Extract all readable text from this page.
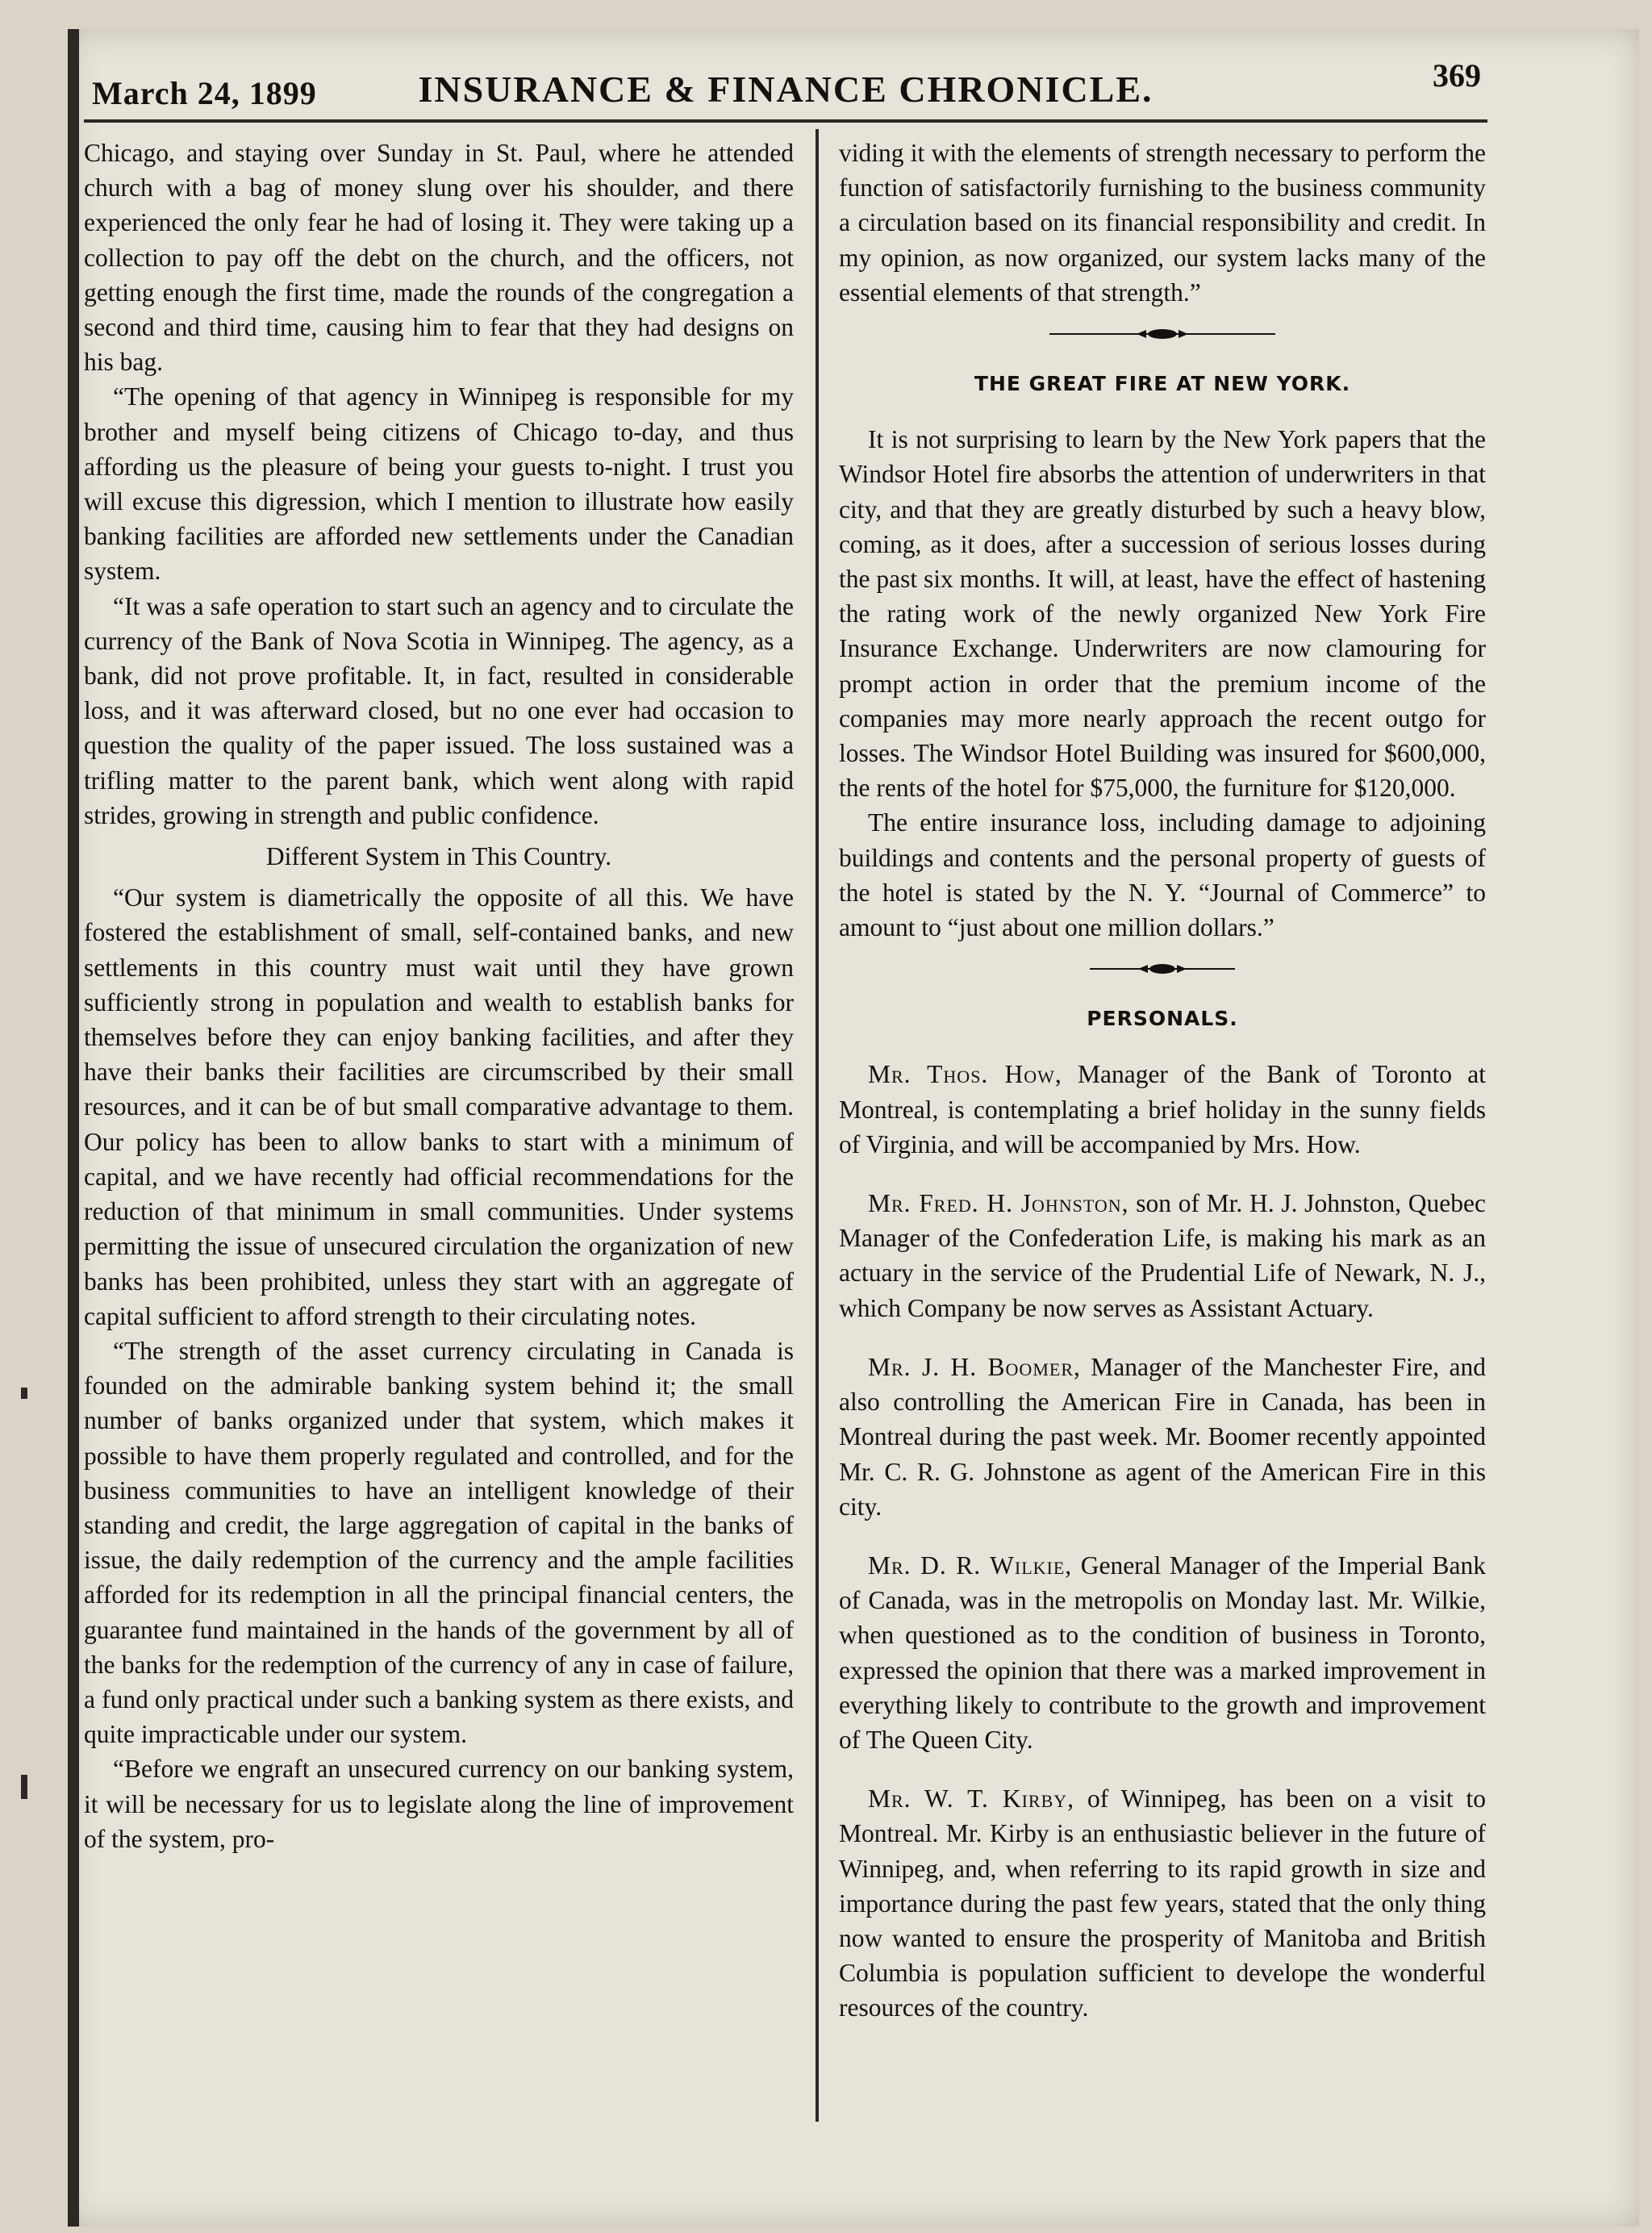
March 24, 1899	INSURANCE & FINANCE CHRONICLE.	369

Chicago, and staying over Sunday in St. Paul, where he attended church with a bag of money slung over his shoulder, and there experienced the only fear he had of losing it. They were taking up a collection to pay off the debt on the church, and the officers, not getting enough the first time, made the rounds of the congregation a second and third time, causing him to fear that they had designs on his bag.

“The opening of that agency in Winnipeg is responsible for my brother and myself being citizens of Chicago to-day, and thus affording us the pleasure of being your guests to-night. I trust you will excuse this digression, which I mention to illustrate how easily banking facilities are afforded new settlements under the Canadian system.

“It was a safe operation to start such an agency and to circulate the currency of the Bank of Nova Scotia in Winnipeg. The agency, as a bank, did not prove profitable. It, in fact, resulted in considerable loss, and it was afterward closed, but no one ever had occasion to question the quality of the paper issued. The loss sustained was a trifling matter to the parent bank, which went along with rapid strides, growing in strength and public confidence.

Different System in This Country.

“Our system is diametrically the opposite of all this. We have fostered the establishment of small, self-contained banks, and new settlements in this country must wait until they have grown sufficiently strong in population and wealth to establish banks for themselves before they can enjoy banking facilities, and after they have their banks their facilities are circumscribed by their small resources, and it can be of but small comparative advantage to them. Our policy has been to allow banks to start with a minimum of capital, and we have recently had official recommendations for the reduction of that minimum in small communities. Under systems permitting the issue of unsecured circulation the organization of new banks has been prohibited, unless they start with an aggregate of capital sufficient to afford strength to their circulating notes.

“The strength of the asset currency circulating in Canada is founded on the admirable banking system behind it; the small number of banks organized under that system, which makes it possible to have them properly regulated and controlled, and for the business communities to have an intelligent knowledge of their standing and credit, the large aggregation of capital in the banks of issue, the daily redemption of the currency and the ample facilities afforded for its redemption in all the principal financial centers, the guarantee fund maintained in the hands of the government by all of the banks for the redemption of the currency of any in case of failure, a fund only practical under such a banking system as there exists, and quite impracticable under our system.

“Before we engraft an unsecured currency on our banking system, it will be necessary for us to legislate along the line of improvement of the system, pro-

viding it with the elements of strength necessary to perform the function of satisfactorily furnishing to the business community a circulation based on its financial responsibility and credit. In my opinion, as now organized, our system lacks many of the essential elements of that strength.”

THE GREAT FIRE AT NEW YORK.

It is not surprising to learn by the New York papers that the Windsor Hotel fire absorbs the attention of underwriters in that city, and that they are greatly disturbed by such a heavy blow, coming, as it does, after a succession of serious losses during the past six months. It will, at least, have the effect of hastening the rating work of the newly organized New York Fire Insurance Exchange. Underwriters are now clamouring for prompt action in order that the premium income of the companies may more nearly approach the recent outgo for losses. The Windsor Hotel Building was insured for $600,000, the rents of the hotel for $75,000, the furniture for $120,000.

The entire insurance loss, including damage to adjoining buildings and contents and the personal property of guests of the hotel is stated by the N. Y. “Journal of Commerce” to amount to “just about one million dollars.”

PERSONALS.

Mr. Thos. How, Manager of the Bank of Toronto at Montreal, is contemplating a brief holiday in the sunny fields of Virginia, and will be accompanied by Mrs. How.

Mr. Fred. H. Johnston, son of Mr. H. J. Johnston, Quebec Manager of the Confederation Life, is making his mark as an actuary in the service of the Prudential Life of Newark, N. J., which Company be now serves as Assistant Actuary.

Mr. J. H. Boomer, Manager of the Manchester Fire, and also controlling the American Fire in Canada, has been in Montreal during the past week. Mr. Boomer recently appointed Mr. C. R. G. Johnstone as agent of the American Fire in this city.

Mr. D. R. Wilkie, General Manager of the Imperial Bank of Canada, was in the metropolis on Monday last. Mr. Wilkie, when questioned as to the condition of business in Toronto, expressed the opinion that there was a marked improvement in everything likely to contribute to the growth and improvement of The Queen City.

Mr. W. T. Kirby, of Winnipeg, has been on a visit to Montreal. Mr. Kirby is an enthusiastic believer in the future of Winnipeg, and, when referring to its rapid growth in size and importance during the past few years, stated that the only thing now wanted to ensure the prosperity of Manitoba and British Columbia is population sufficient to develope the wonderful resources of the country.
